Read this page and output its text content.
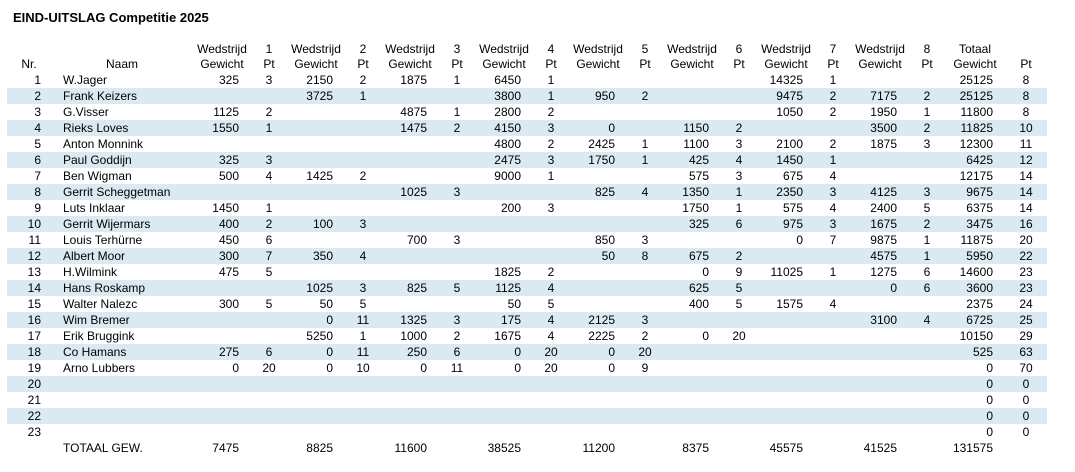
EIND-UITSLAG Competitie 2025
		Wedstrijd	1	Wedstrijd	2	Wedstrijd	3	Wedstrijd	4	Wedstrijd	5	Wedstrijd	6	Wedstrijd	7	Wedstrijd	8	Totaal	
Nr.	Naam	Gewicht	Pt	Gewicht	Pt	Gewicht	Pt	Gewicht	Pt	Gewicht	Pt	Gewicht	Pt	Gewicht	Pt	Gewicht	Pt	Gewicht	Pt
1	W.Jager	325	3	2150	2	1875	1	6450	1					14325	1			25125	8
2	Frank Keizers			3725	1			3800	1	950	2			9475	2	7175	2	25125	8
3	G.Visser	1125	2			4875	1	2800	2					1050	2	1950	1	11800	8
4	Rieks Loves	1550	1			1475	2	4150	3	0		1150	2			3500	2	11825	10
5	Anton Monnink							4800	2	2425	1	1100	3	2100	2	1875	3	12300	11
6	Paul Goddijn	325	3					2475	3	1750	1	425	4	1450	1			6425	12
7	Ben Wigman	500	4	1425	2			9000	1			575	3	675	4			12175	14
8	Gerrit Scheggetman					1025	3			825	4	1350	1	2350	3	4125	3	9675	14
9	Luts Inklaar	1450	1					200	3			1750	1	575	4	2400	5	6375	14
10	Gerrit Wijermars	400	2	100	3							325	6	975	3	1675	2	3475	16
11	Louis Terhürne	450	6			700	3			850	3			0	7	9875	1	11875	20
12	Albert Moor	300	7	350	4					50	8	675	2			4575	1	5950	22
13	H.Wilmink	475	5					1825	2			0	9	11025	1	1275	6	14600	23
14	Hans Roskamp			1025	3	825	5	1125	4			625	5			0	6	3600	23
15	Walter Nalezc	300	5	50	5			50	5			400	5	1575	4			2375	24
16	Wim Bremer			0	11	1325	3	175	4	2125	3					3100	4	6725	25
17	Erik Bruggink			5250	1	1000	2	1675	4	2225	2	0	20					10150	29
18	Co Hamans	275	6	0	11	250	6	0	20	0	20							525	63
19	Arno Lubbers	0	20	0	10	0	11	0	20	0	9							0	70
20																		0	0
21																		0	0
22																		0	0
23																		0	0
	TOTAAL GEW.	7475		8825		11600		38525		11200		8375		45575		41525		131575	
